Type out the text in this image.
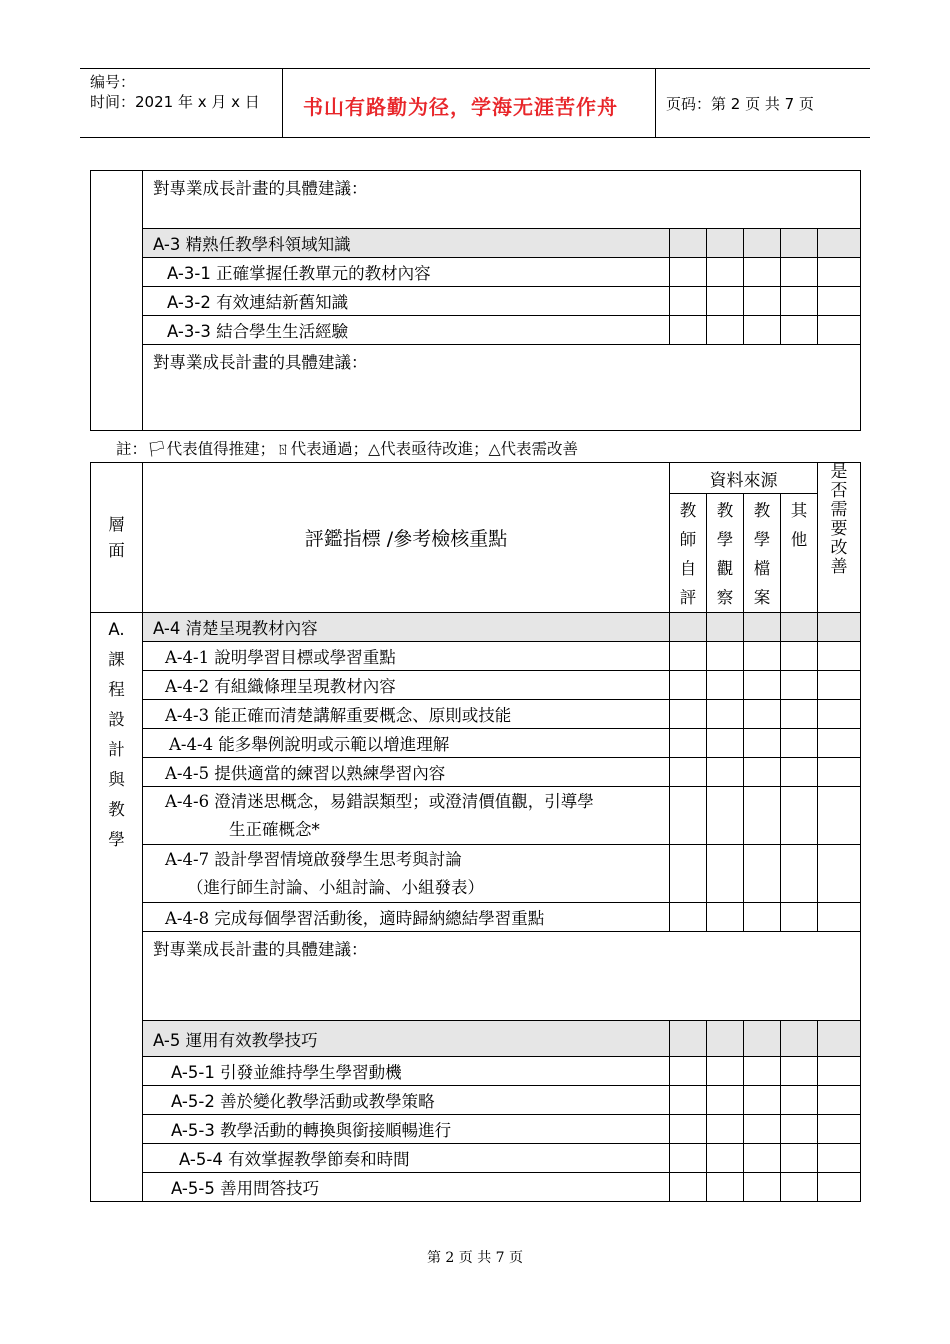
编号：
时间：2021 年 x 月 x 日 书山有路勤为径，学海无涯苦作舟	页码：第 2 页 共 7 页
	對專業成長計畫的具體建議：					
	A-3 精熟任教學科領域知識					
	A-3-1 正確掌握任教單元的教材內容					
	A-3-2 有效連結新舊知識					
	A-3-3 結合學生生活經驗					
	對專業成長計畫的具體建議：					
註：🏳代表值得推建；ㄖ代表通過；△代表亟待改進；△代表需改善
層面	評鑑指標 /參考檢核重點	資料來源				是否需要改善

		教師自評	教學觀察	教學檔案	其他	

A.課程設計與教學	A-4 清楚呈現教材內容					
	A-4-1 說明學習目標或學習重點					
	A-4-2 有組織條理呈現教材內容					
	A-4-3 能正確而清楚講解重要概念、原則或技能					
	A-4-4 能多舉例說明或示範以增進理解					
	A-4-5 提供適當的練習以熟練學習內容					

	A-4-6 澄清迷思概念，易錯誤類型；或澄清價值觀，引導學
生正確概念*					

	A-4-7 設計學習情境啟發學生思考與討論
（進行師生討論、小組討論、小組發表）					

	A-4-8 完成每個學習活動後，適時歸納總結學習重點					
	對專業成長計畫的具體建議：					
	A-5 運用有效教學技巧					
	A-5-1 引發並維持學生學習動機					
	A-5-2 善於變化教學活動或教學策略					
	A-5-3 教學活動的轉換與銜接順暢進行					
	A-5-4 有效掌握教學節奏和時間					
	A-5-5 善用問答技巧					
第 2 页 共 7 页
